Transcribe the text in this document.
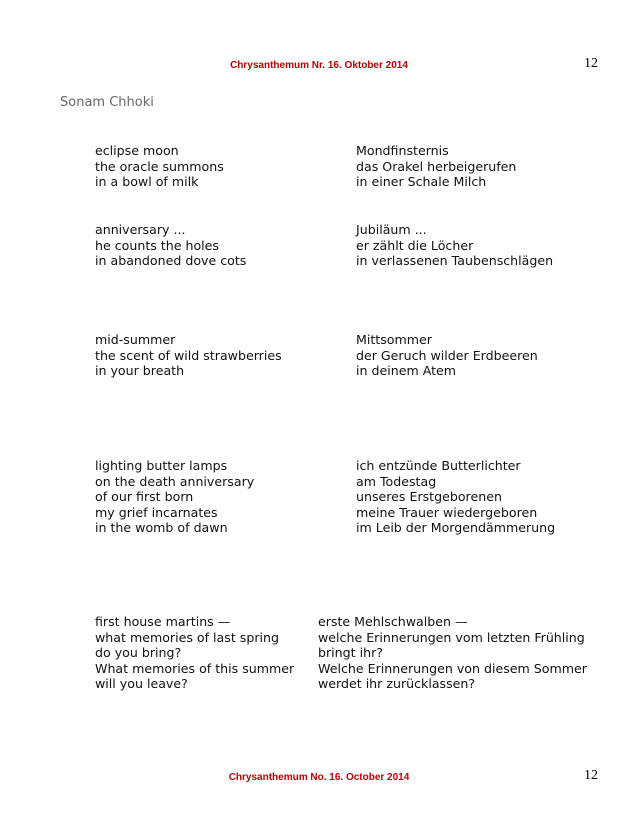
Chrysanthemum Nr. 16. Oktober 2014	12
Sonam Chhoki
eclipse moon
the oracle summons
in a bowl of milk
Mondfinsternis
das Orakel herbeigerufen
in einer Schale Milch
anniversary ...
he counts the holes
in abandoned dove cots
Jubiläum ...
er zählt die Löcher
in verlassenen Taubenschlägen
mid-summer
the scent of wild strawberries
in your breath
Mittsommer
der Geruch wilder Erdbeeren
in deinem Atem
lighting butter lamps
on the death anniversary
of our first born
my grief incarnates
in the womb of dawn
ich entzünde Butterlichter
am Todestag
unseres Erstgeborenen
meine Trauer wiedergeboren
im Leib der Morgendämmerung
first house martins —
what memories of last spring
do you bring?
What memories of this summer
will you leave?
erste Mehlschwalben —
welche Erinnerungen vom letzten Frühling
bringt ihr?
Welche Erinnerungen von diesem Sommer
werdet ihr zurücklassen?
Chrysanthemum No. 16. October 2014	12
